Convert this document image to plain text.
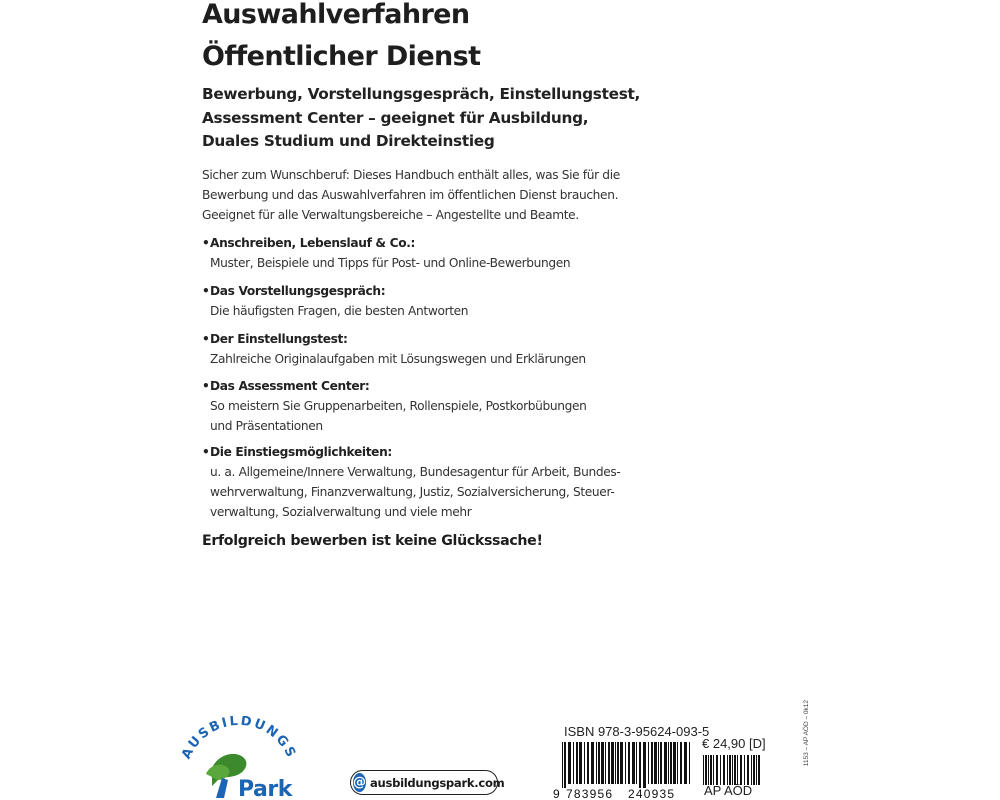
Auswahlverfahren
Öffentlicher Dienst
Bewerbung, Vorstellungsgespräch, Einstellungstest,
Assessment Center – geeignet für Ausbildung,
Duales Studium und Direkteinstieg
Sicher zum Wunschberuf: Dieses Handbuch enthält alles, was Sie für die
Bewerbung und das Auswahlverfahren im öffentlichen Dienst brauchen.
Geeignet für alle Verwaltungsbereiche – Angestellte und Beamte.
•Anschreiben, Lebenslauf & Co.:
Muster, Beispiele und Tipps für Post- und Online-Bewerbungen
•Das Vorstellungsgespräch:
Die häufigsten Fragen, die besten Antworten
•Der Einstellungstest:
Zahlreiche Originalaufgaben mit Lösungswegen und Erklärungen
•Das Assessment Center:
So meistern Sie Gruppenarbeiten, Rollenspiele, Postkorbübungen
und Präsentationen
•Die Einstiegsmöglichkeiten:
u. a. Allgemeine/Innere Verwaltung, Bundesagentur für Arbeit, Bundes-
wehrverwaltung, Finanzverwaltung, Justiz, Sozialversicherung, Steuer-
verwaltung, Sozialverwaltung und viele mehr
Erfolgreich bewerben ist keine Glückssache!
AUSBILDUNGS
Park	@ ausbildungspark.com
ISBN 978-3-95624-093-5
9 783956 240935
€ 24,90 [D]
AP AÖD
1153 – AP AÖD – 0k12
